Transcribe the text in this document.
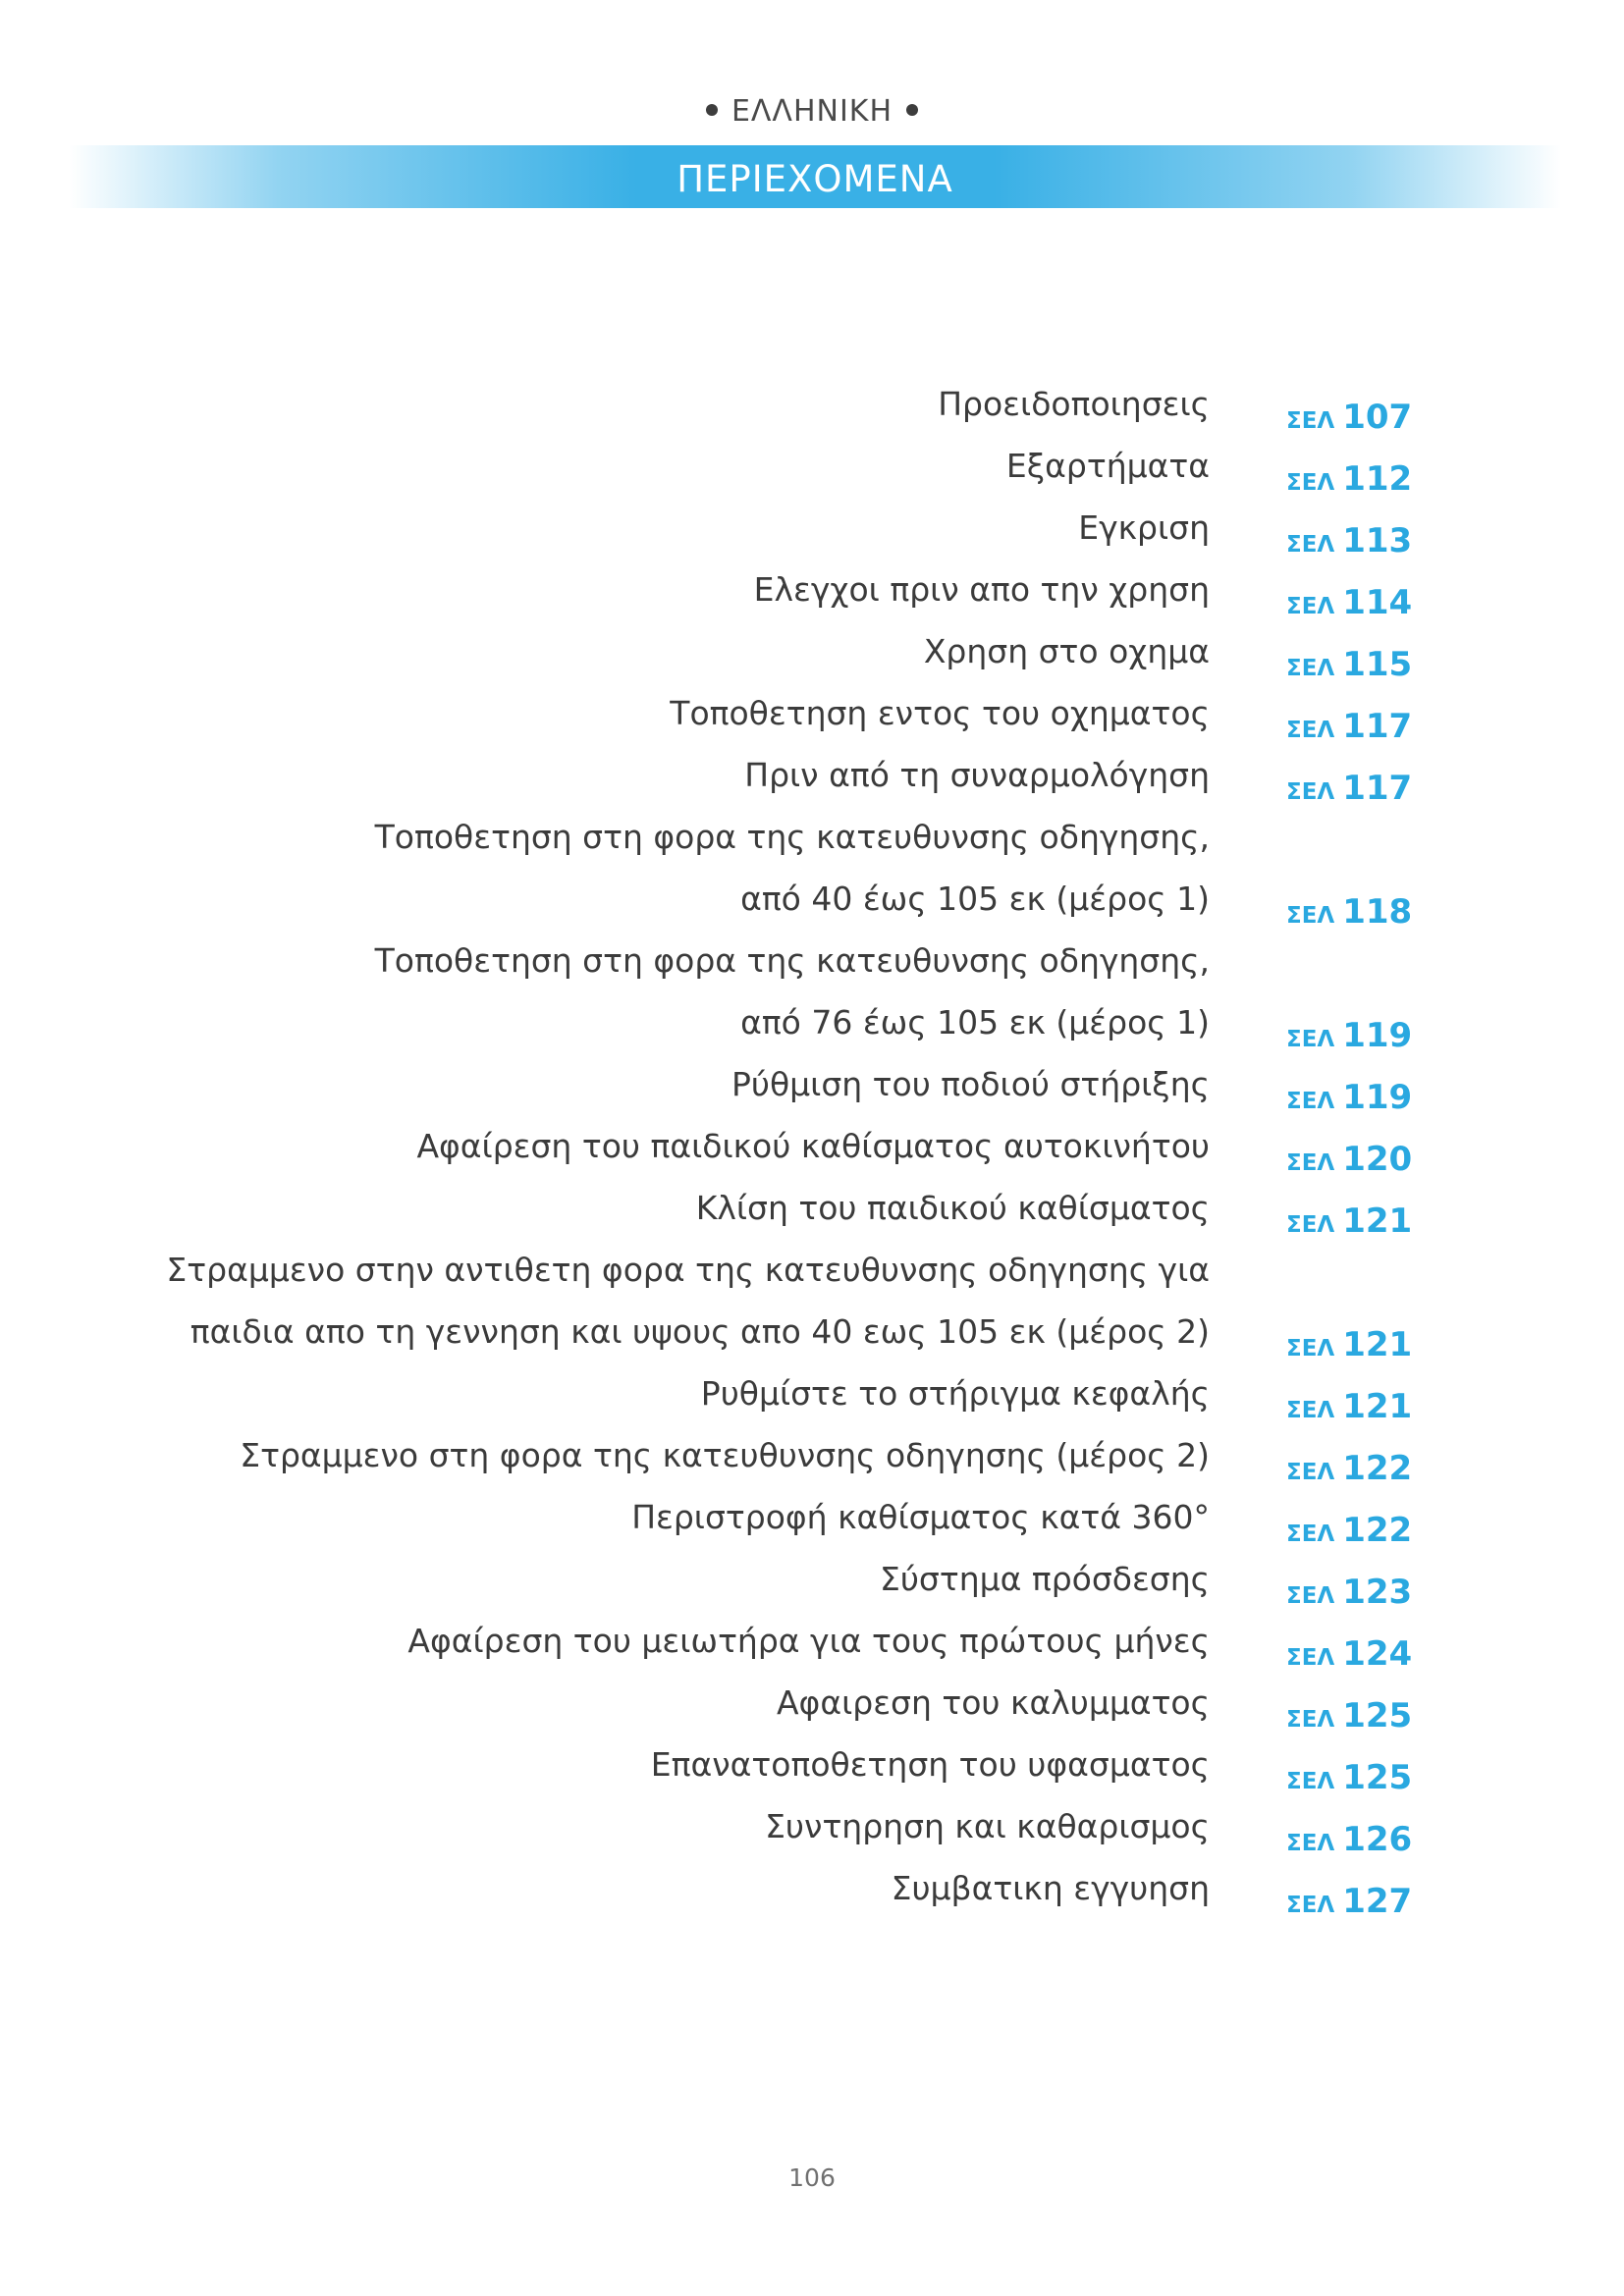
ΕΛΛΗΝΙΚΗ
ΠΕΡΙΕΧΟΜΕΝΑ
Προειδοποιησεις	ΣΕΛ 107
Εξαρτήματα	ΣΕΛ 112
Εγκριση	ΣΕΛ 113
Ελεγχοι πριν απο την χρηση	ΣΕΛ 114
Χρηση στο οχημα	ΣΕΛ 115
Τοποθετηση εντος του οχηματος	ΣΕΛ 117
Πριν από τη συναρμολόγηση	ΣΕΛ 117
Τοποθετηση στη φορα της κατευθυνσης οδηγησης,
από 40 έως 105 εκ (μέρος 1)	ΣΕΛ 118
Τοποθετηση στη φορα της κατευθυνσης οδηγησης,
από 76 έως 105 εκ (μέρος 1)	ΣΕΛ 119
Ρύθμιση του ποδιού στήριξης	ΣΕΛ 119
Αφαίρεση του παιδικού καθίσματος αυτοκινήτου	ΣΕΛ 120
Κλίση του παιδικού καθίσματος	ΣΕΛ 121
Στραμμενο στην αντιθετη φορα της κατευθυνσης οδηγησης για
παιδια απο τη γεννηση και υψους απο 40 εως 105 εκ (μέρος 2)	ΣΕΛ 121
Ρυθμίστε το στήριγμα κεφαλής	ΣΕΛ 121
Στραμμενο στη φορα της κατευθυνσης οδηγησης (μέρος 2)	ΣΕΛ 122
Περιστροφή καθίσματος κατά 360°	ΣΕΛ 122
Σύστημα πρόσδεσης	ΣΕΛ 123
Αφαίρεση του μειωτήρα για τους πρώτους μήνες	ΣΕΛ 124
Αφαιρεση του καλυμματος	ΣΕΛ 125
Επανατοποθετηση του υφασματος	ΣΕΛ 125
Συντηρηση και καθαρισμος	ΣΕΛ 126
Συμβατικη εγγυηση	ΣΕΛ 127
106
